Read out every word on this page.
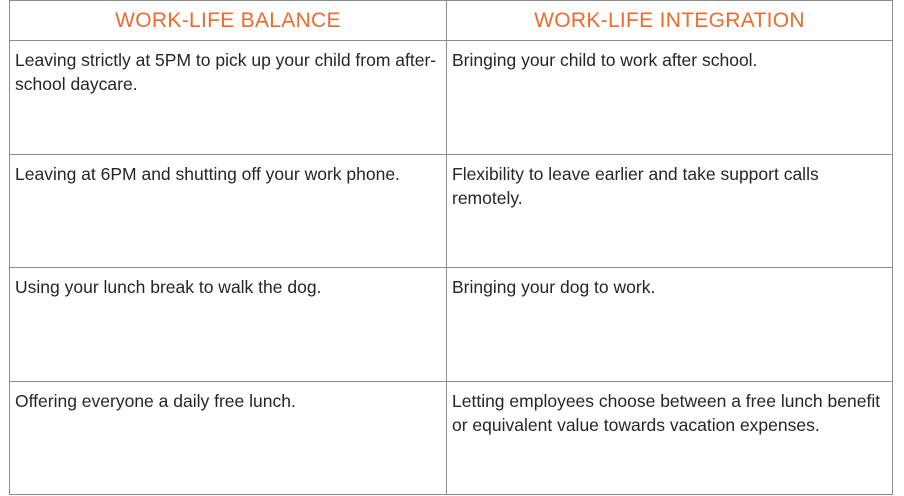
WORK-LIFE BALANCE	WORK-LIFE INTEGRATION
Leaving strictly at 5PM to pick up your child from after-school daycare.	Bringing your child to work after school.
Leaving at 6PM and shutting off your work phone.	Flexibility to leave earlier and take support calls remotely.
Using your lunch break to walk the dog.	Bringing your dog to work.
Offering everyone a daily free lunch.	Letting employees choose between a free lunch benefit or equivalent value towards vacation expenses.
